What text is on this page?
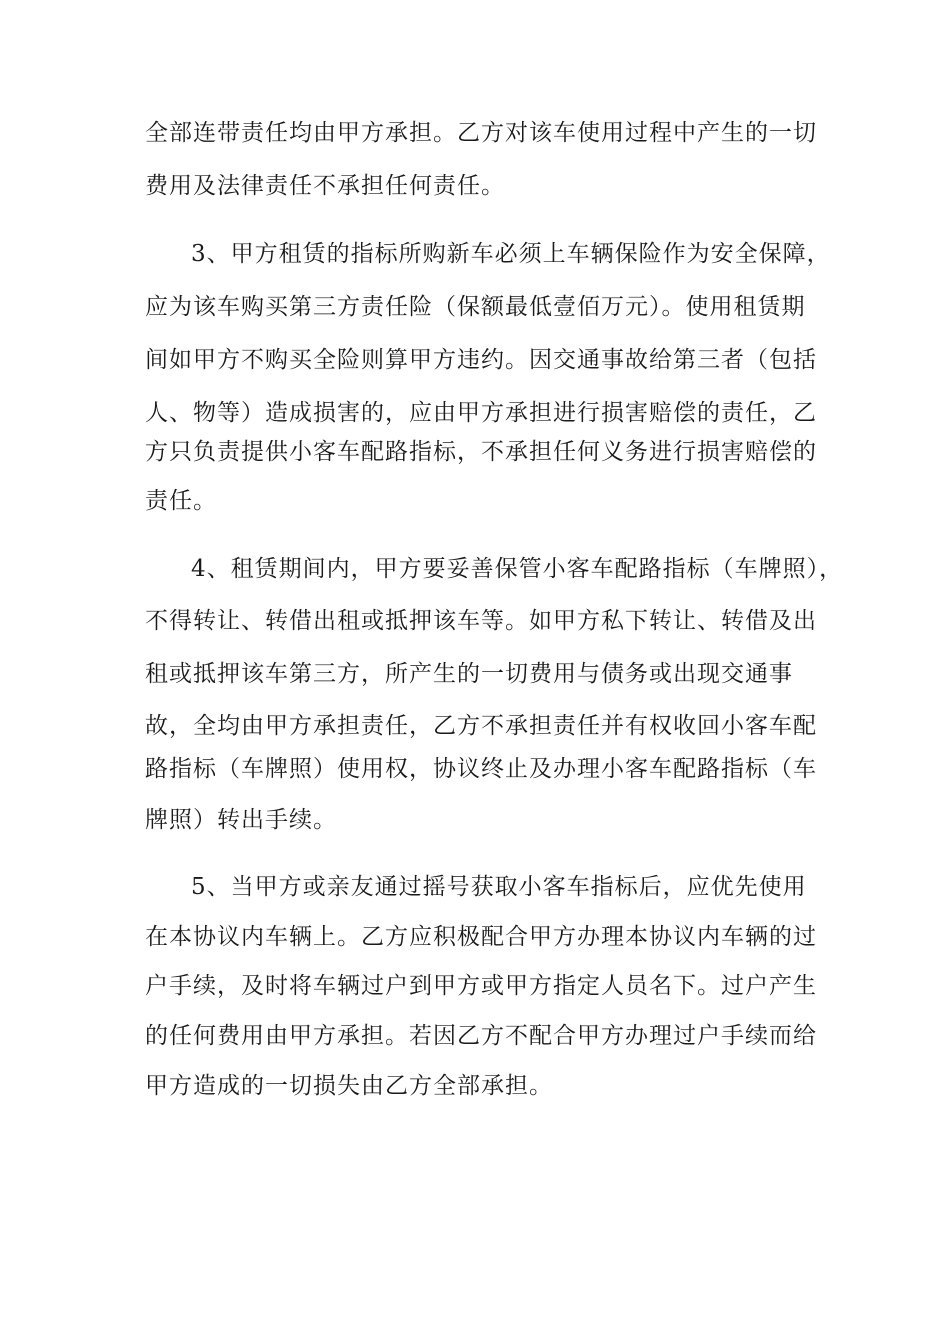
全部连带责任均由甲方承担。乙方对该车使用过程中产生的一切
费用及法律责任不承担任何责任。
3、甲方租赁的指标所购新车必须上车辆保险作为安全保障，
应为该车购买第三方责任险（保额最低壹佰万元）。使用租赁期
间如甲方不购买全险则算甲方违约。因交通事故给第三者（包括
人、物等）造成损害的，应由甲方承担进行损害赔偿的责任，乙
方只负责提供小客车配路指标，不承担任何义务进行损害赔偿的
责任。
4、租赁期间内，甲方要妥善保管小客车配路指标（车牌照），
不得转让、转借出租或抵押该车等。如甲方私下转让、转借及出
租或抵押该车第三方，所产生的一切费用与债务或出现交通事
故，全均由甲方承担责任，乙方不承担责任并有权收回小客车配
路指标（车牌照）使用权，协议终止及办理小客车配路指标（车
牌照）转出手续。
5、当甲方或亲友通过摇号获取小客车指标后，应优先使用
在本协议内车辆上。乙方应积极配合甲方办理本协议内车辆的过
户手续，及时将车辆过户到甲方或甲方指定人员名下。过户产生
的任何费用由甲方承担。若因乙方不配合甲方办理过户手续而给
甲方造成的一切损失由乙方全部承担。
